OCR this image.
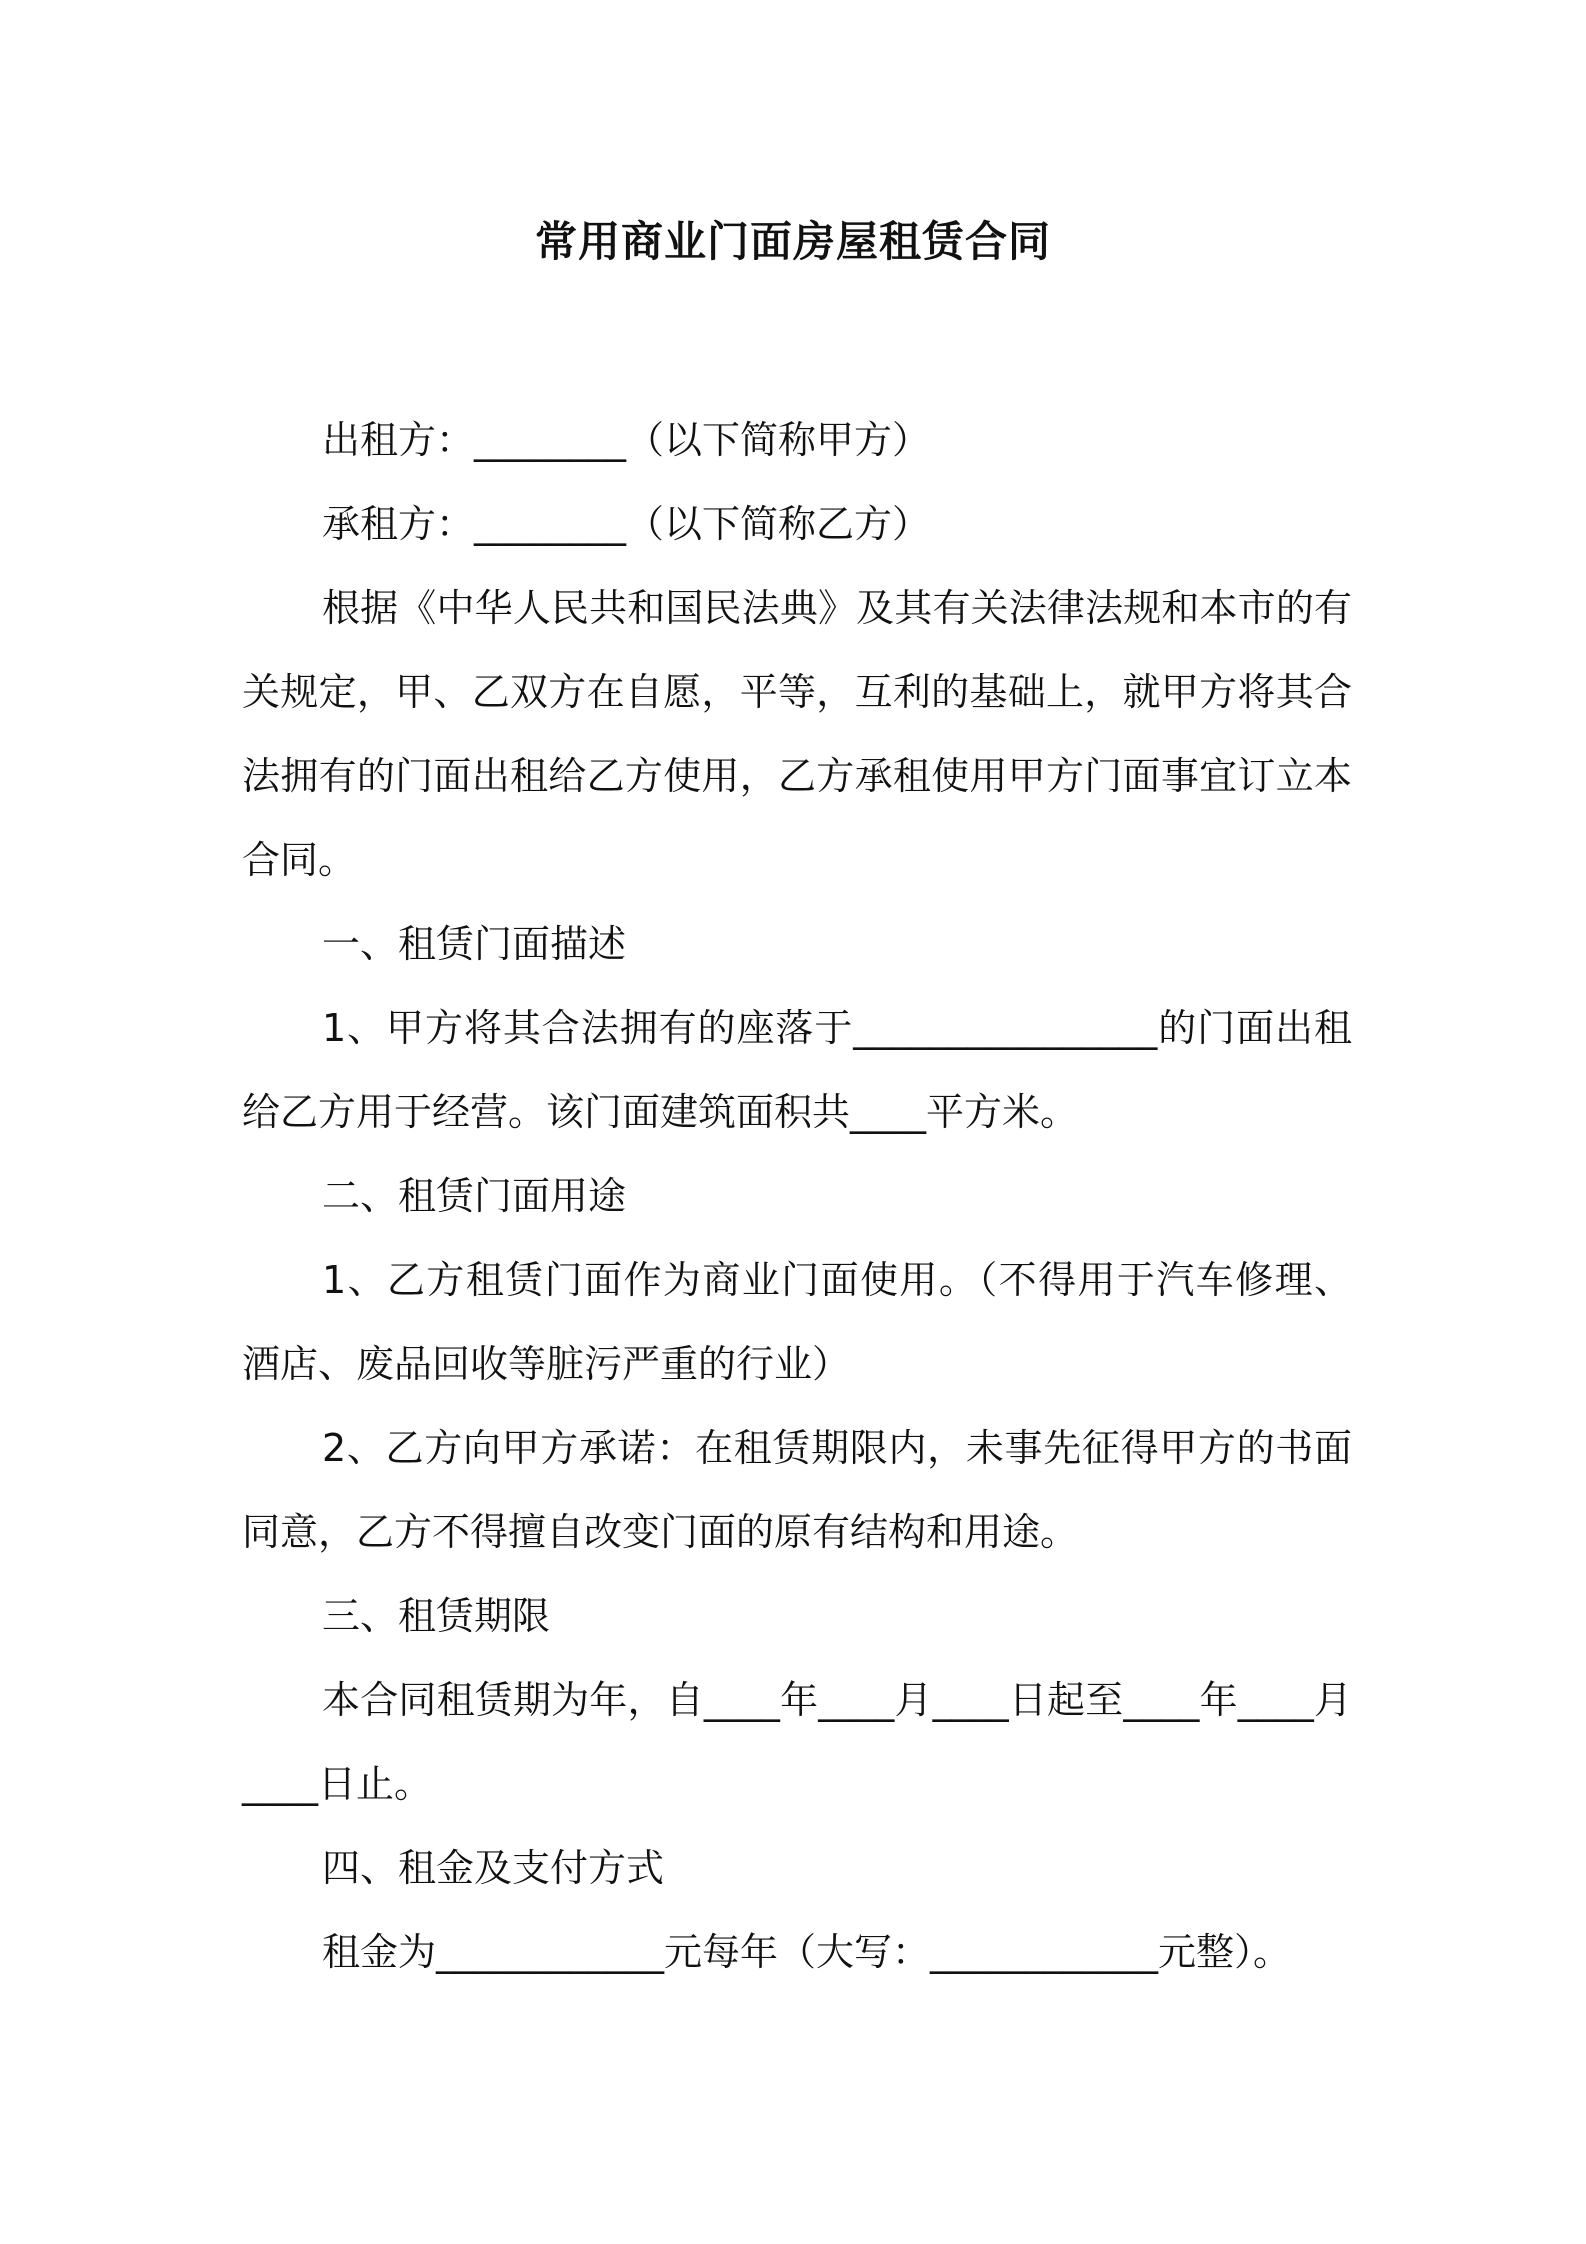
常用商业门面房屋租赁合同

出租方：________（以下简称甲方）

承租方：________（以下简称乙方）

根据《中华人民共和国民法典》及其有关法律法规和本市的有关规定，甲、乙双方在自愿，平等，互利的基础上，就甲方将其合法拥有的门面出租给乙方使用，乙方承租使用甲方门面事宜订立本合同。

一、租赁门面描述

1、甲方将其合法拥有的座落于________________的门面出租给乙方用于经营。该门面建筑面积共____平方米。

二、租赁门面用途

1、乙方租赁门面作为商业门面使用。（不得用于汽车修理、酒店、废品回收等脏污严重的行业）

2、乙方向甲方承诺：在租赁期限内，未事先征得甲方的书面同意，乙方不得擅自改变门面的原有结构和用途。

三、租赁期限

本合同租赁期为年，自____年____月____日起至____年____月____日止。

四、租金及支付方式

租金为____________元每年（大写：____________元整）。
